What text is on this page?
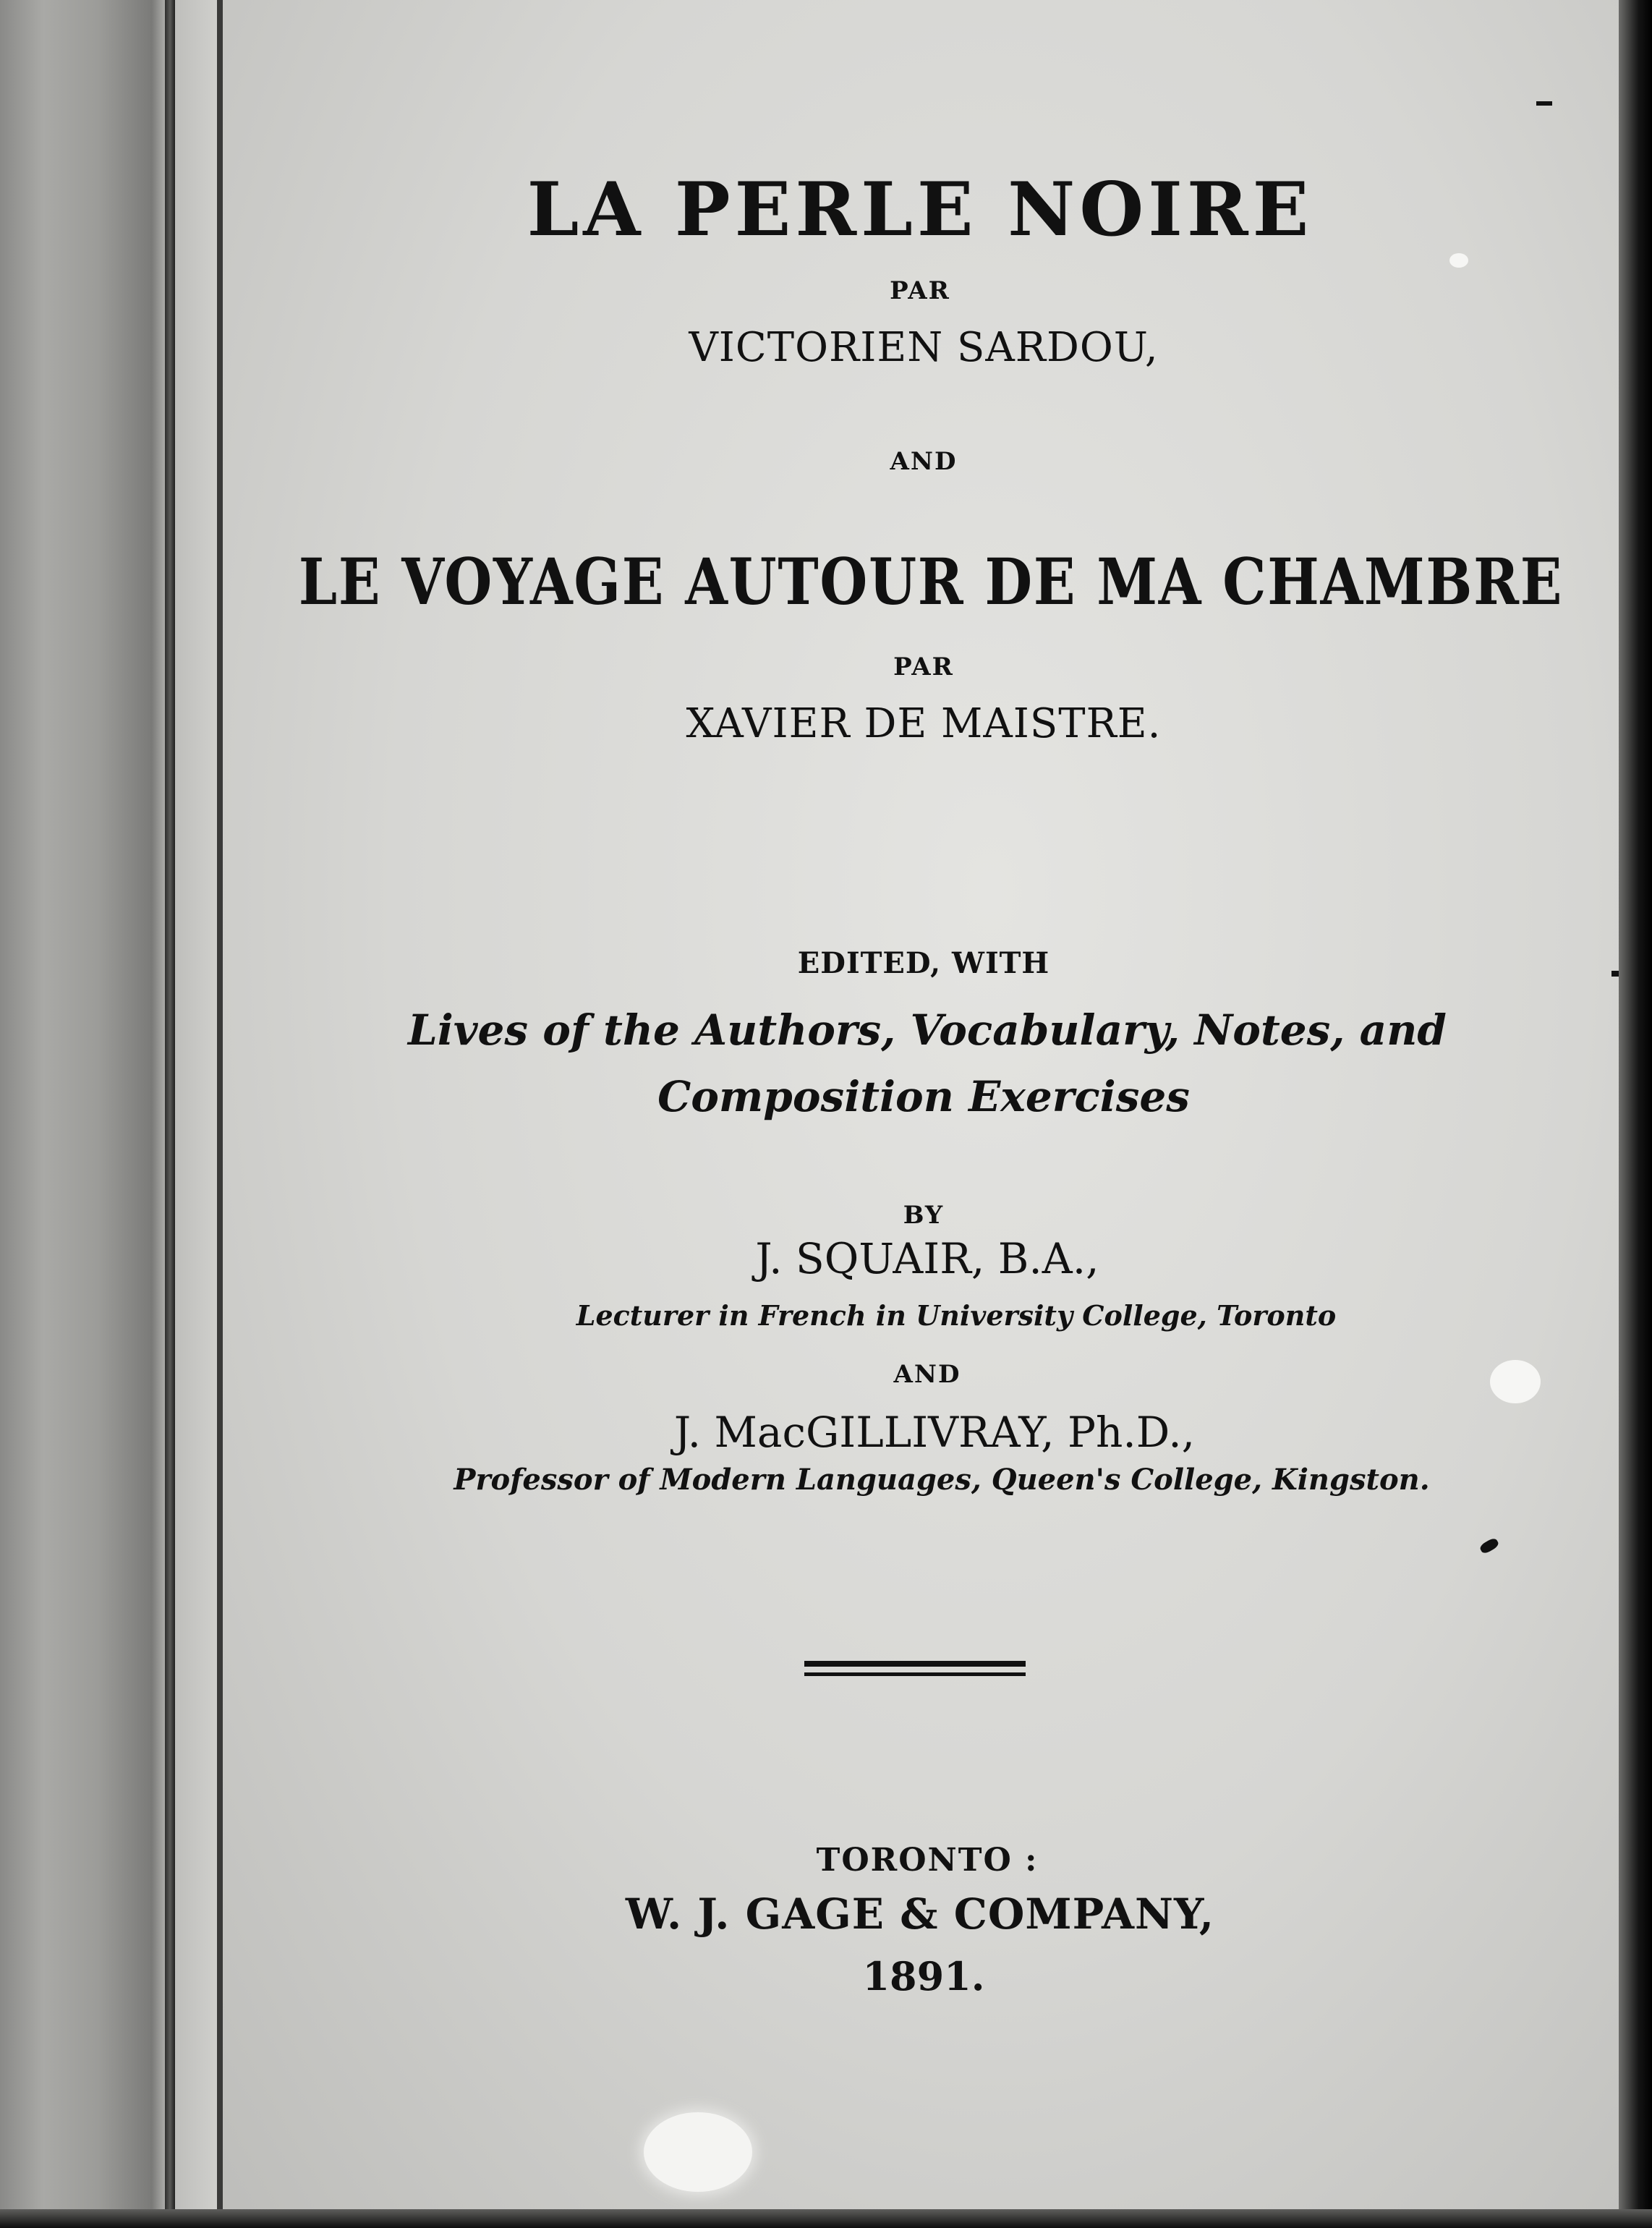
LA PERLE NOIRE
PAR
VICTORIEN SARDOU,
AND
LE VOYAGE AUTOUR DE MA CHAMBRE
PAR
XAVIER DE MAISTRE.
EDITED, WITH
Lives of the Authors, Vocabulary, Notes, and
Composition Exercises
BY
J. SQUAIR, B.A.,
Lecturer in French in University College, Toronto
AND
J. MacGILLIVRAY, Ph.D.,
Professor of Modern Languages, Queen's College, Kingston.
TORONTO :
W. J. GAGE & COMPANY,
1891.
